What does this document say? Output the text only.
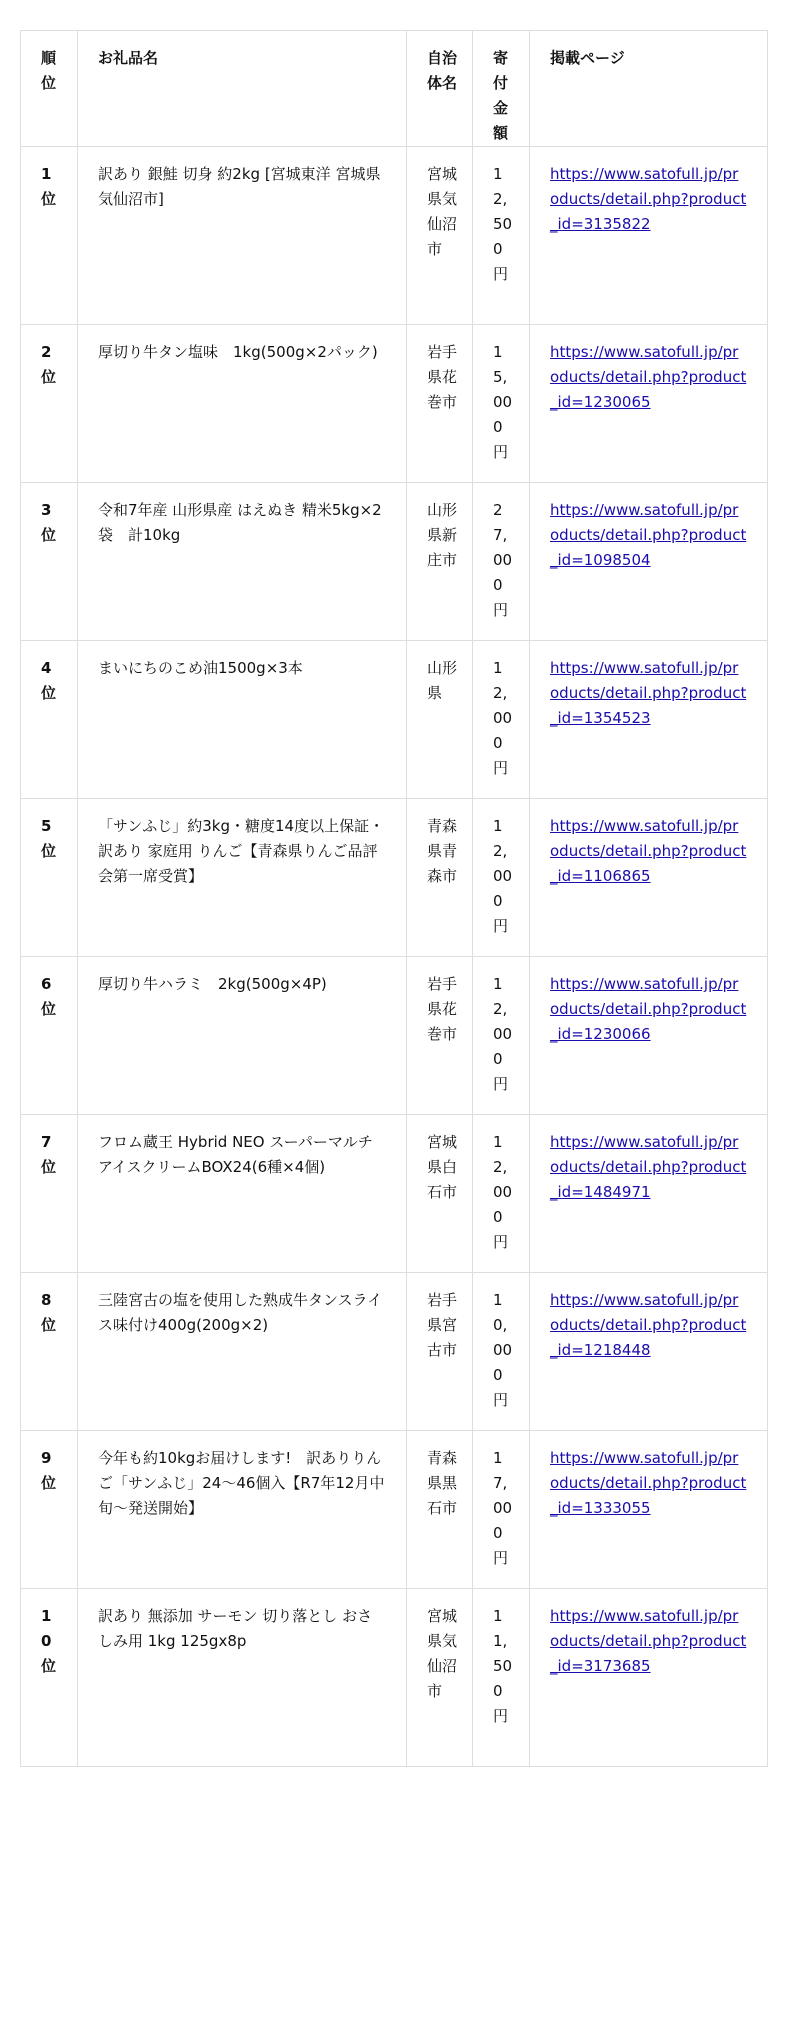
順位	お礼品名	自治体名	寄付金額	掲載ページ
1位	訳あり 銀鮭 切身 約2kg [宮城東洋 宮城県 気仙沼市]	宮城県気仙沼市	12,500円	https://www.satofull.jp/products/detail.php?product_id=3135822
2位	厚切り牛タン塩味　1kg(500g×2パック)	岩手県花巻市	15,000円	https://www.satofull.jp/products/detail.php?product_id=1230065
3位	令和7年産 山形県産 はえぬき 精米5kg×2袋　計10kg	山形県新庄市	27,000円	https://www.satofull.jp/products/detail.php?product_id=1098504
4位	まいにちのこめ油1500g×3本	山形県	12,000円	https://www.satofull.jp/products/detail.php?product_id=1354523
5位	「サンふじ」約3kg・糖度14度以上保証・訳あり 家庭用 りんご【青森県りんご品評会第一席受賞】	青森県青森市	12,000円	https://www.satofull.jp/products/detail.php?product_id=1106865
6位	厚切り牛ハラミ　2kg(500g×4P)	岩手県花巻市	12,000円	https://www.satofull.jp/products/detail.php?product_id=1230066
7位	フロム蔵王 Hybrid NEO スーパーマルチアイスクリームBOX24(6種×4個)	宮城県白石市	12,000円	https://www.satofull.jp/products/detail.php?product_id=1484971
8位	三陸宮古の塩を使用した熟成牛タンスライス味付け400g(200g×2)	岩手県宮古市	10,000円	https://www.satofull.jp/products/detail.php?product_id=1218448
9位	今年も約10kgお届けします!　訳ありりんご「サンふじ」24〜46個入【R7年12月中旬〜発送開始】	青森県黒石市	17,000円	https://www.satofull.jp/products/detail.php?product_id=1333055
10位	訳あり 無添加 サーモン 切り落とし おさしみ用 1kg 125gx8p	宮城県気仙沼市	11,500円	https://www.satofull.jp/products/detail.php?product_id=3173685
